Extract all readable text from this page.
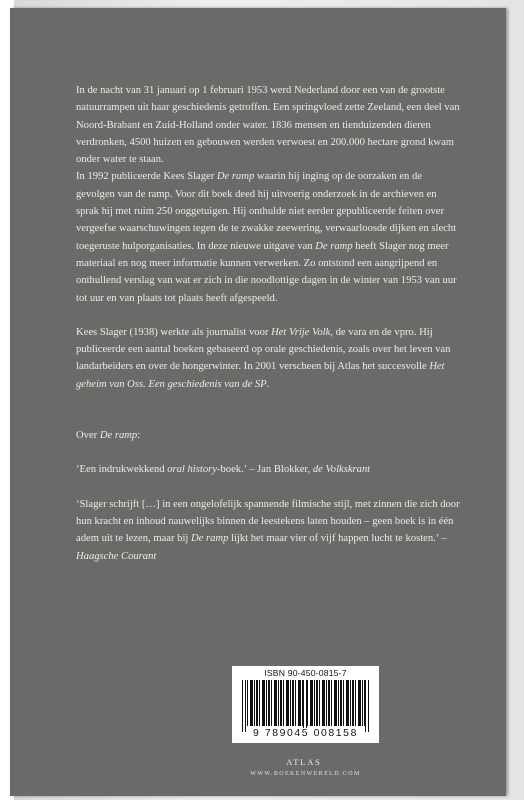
In de nacht van 31 januari op 1 februari 1953 werd Nederland door een van de grootste natuurrampen uit haar geschiedenis getroffen. Een springvloed zette Zeeland, een deel van Noord-Brabant en Zuid-Holland onder water. 1836 mensen en tienduizenden dieren verdronken, 4500 huizen en gebouwen werden verwoest en 200.000 hectare grond kwam onder water te staan.

In 1992 publiceerde Kees Slager De ramp waarin hij inging op de oorzaken en de gevolgen van de ramp. Voor dit boek deed hij uitvoerig onderzoek in de archieven en sprak hij met ruim 250 ooggetuigen. Hij onthulde niet eerder gepubliceerde feiten over vergeefse waarschuwingen tegen de te zwakke zeewering, verwaarloosde dijken en slecht toegeruste hulporganisaties. In deze nieuwe uitgave van De ramp heeft Slager nog meer materiaal en nog meer informatie kunnen verwerken. Zo ontstond een aangrijpend en onthullend verslag van wat er zich in die noodlottige dagen in de winter van 1953 van uur tot uur en van plaats tot plaats heeft afgespeeld.

Kees Slager (1938) werkte als journalist voor Het Vrije Volk, de vara en de vpro. Hij publiceerde een aantal boeken gebaseerd op orale geschiedenis, zoals over het leven van landarbeiders en over de hongerwinter. In 2001 verscheen bij Atlas het succesvolle Het geheim van Oss. Een geschiedenis van de SP.

Over De ramp:

‘Een indrukwekkend oral history-boek.’ – Jan Blokker, de Volkskrant

‘Slager schrijft […] in een ongelofelijk spannende filmische stijl, met zinnen die zich door hun kracht en inhoud nauwelijks binnen de leestekens laten houden – geen boek is in één adem uit te lezen, maar bij De ramp lijkt het maar vier of vijf happen lucht te kosten.’ – Haagsche Courant

ISBN 90-450-0815-7
9 789045 008158
ATLAS
WWW.BOEKENWERELD.COM
